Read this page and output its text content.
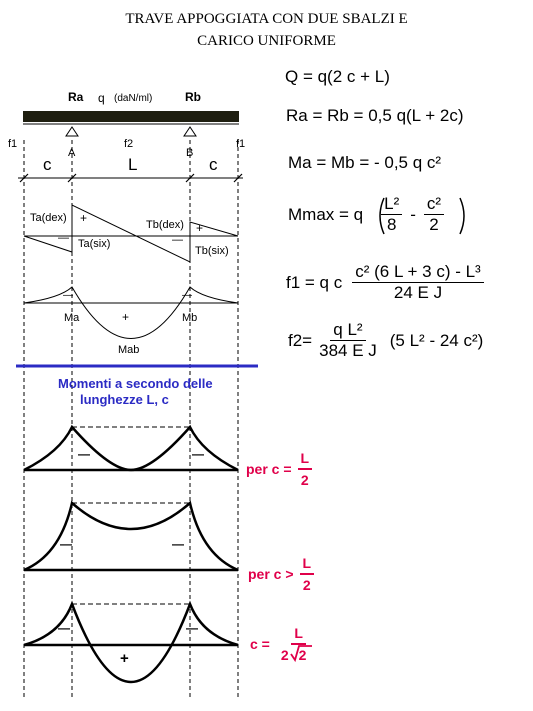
TRAVE APPOGGIATA CON DUE SBALZI E
CARICO UNIFORME
Ra q (daN/ml)	Rb
A	B
f1	f2	f1
c	L	c
Ta(dex)
Ta(six)
Tb(dex)
Tb(six)
+
+
—	—
Ma	Mb
Mab
+
—	—
Momenti a secondo delle
lunghezze L, c
—	—
—	—
—	—
+
Q = q(2 c + L)
Ra = Rb = 0,5 q(L + 2c)
Ma = Mb = - 0,5 q c²
Mmax = q $\frac{\text{L²}}{8} - \frac{\text{c²}}{2}$
f1 = q c $\frac{\text{c² (6 L + 3 c) - L³}}{\text{24 E J}}$
$f2= \frac{\text{q L²}}{\text{384 E J}} (5$ L² - 24 c²)
per $c = \frac{L}{2}$
per $c > \frac{L}{2}$
$c = \frac{L}{22}$
